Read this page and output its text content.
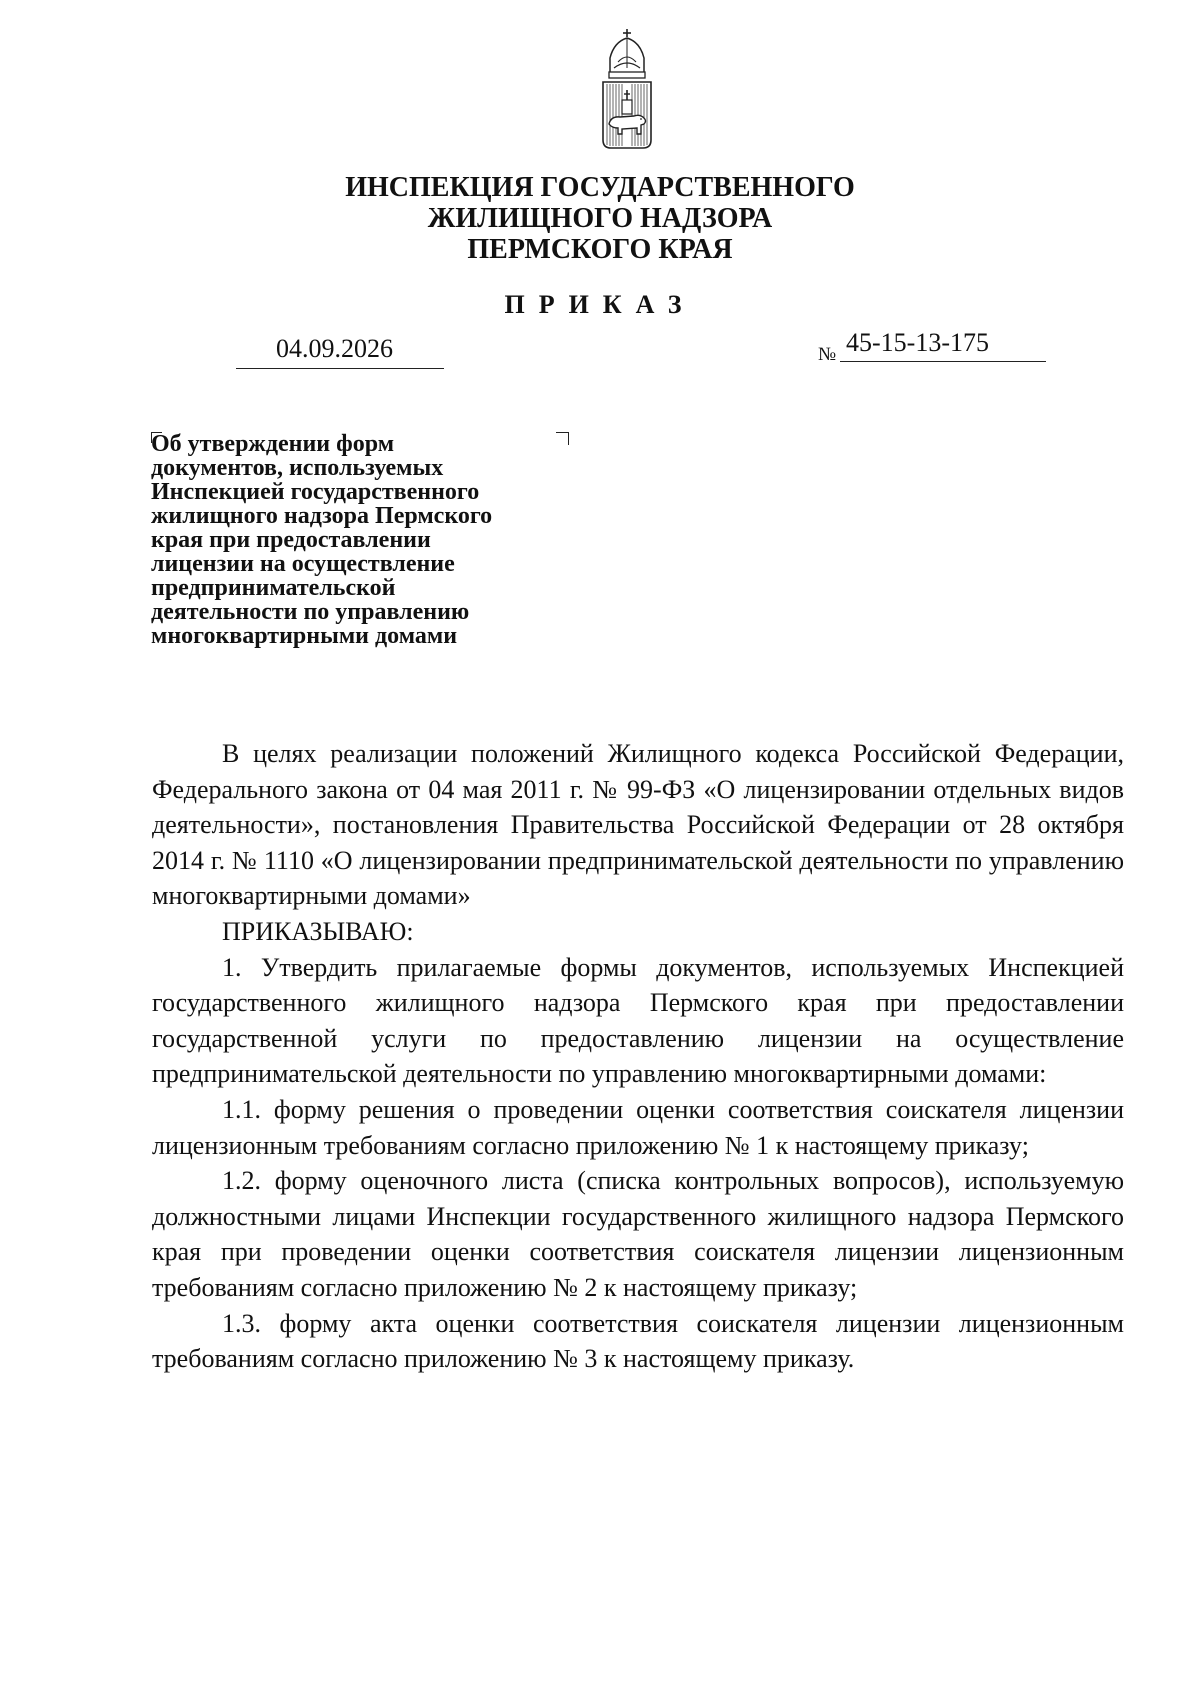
ИНСПЕКЦИЯ ГОСУДАРСТВЕННОГО
ЖИЛИЩНОГО НАДЗОРА
ПЕРМСКОГО КРАЯ
ПРИКАЗ
04.09.2026	№ 45-15-13-175
Об утверждении форм
документов, используемых
Инспекцией государственного
жилищного надзора Пермского
края при предоставлении
лицензии на осуществление
предпринимательской
деятельности по управлению
многоквартирными домами

В целях реализации положений Жилищного кодекса Российской Федерации, Федерального закона от 04 мая 2011 г. № 99-ФЗ «О лицензировании отдельных видов деятельности», постановления Правительства Российской Федерации от 28 октября 2014 г. № 1110 «О лицензировании предпринимательской деятельности по управлению многоквартирными домами»

ПРИКАЗЫВАЮ:

1. Утвердить прилагаемые формы документов, используемых Инспекцией государственного жилищного надзора Пермского края при предоставлении государственной услуги по предоставлению лицензии на осуществление предпринимательской деятельности по управлению многоквартирными домами:

1.1. форму решения о проведении оценки соответствия соискателя лицензии лицензионным требованиям согласно приложению № 1 к настоящему приказу;

1.2. форму оценочного листа (списка контрольных вопросов), используемую должностными лицами Инспекции государственного жилищного надзора Пермского края при проведении оценки соответствия соискателя лицензии лицензионным требованиям согласно приложению № 2 к настоящему приказу;

1.3. форму акта оценки соответствия соискателя лицензии лицензионным требованиям согласно приложению № 3 к настоящему приказу.
